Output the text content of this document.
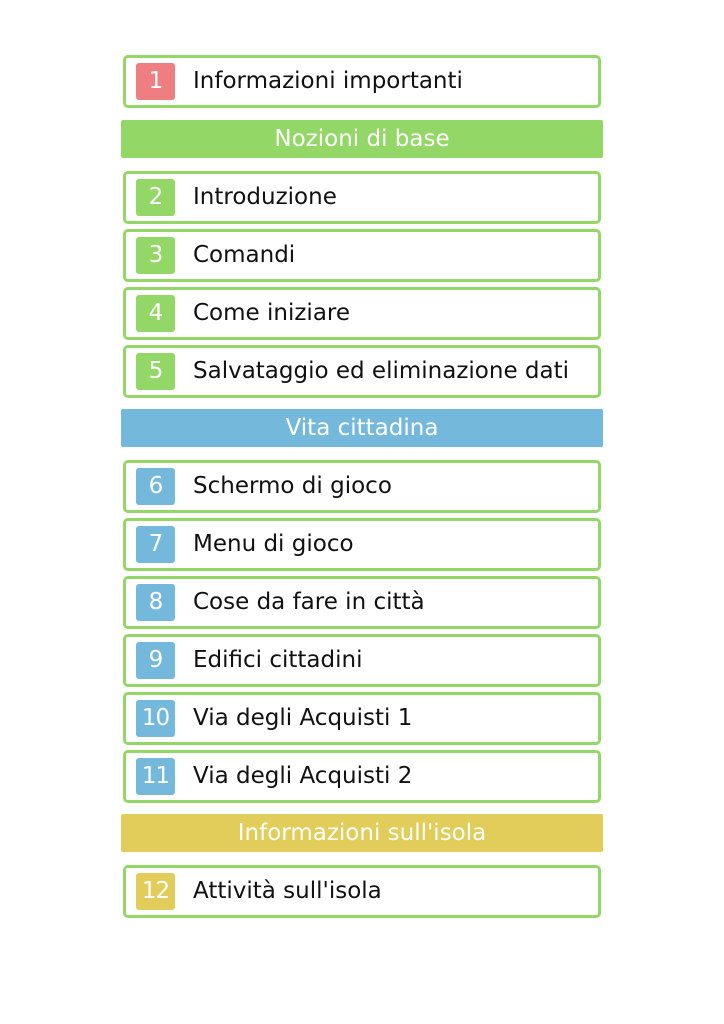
1	Informazioni importanti
Nozioni di base
2	Introduzione
3	Comandi
4	Come iniziare
5	Salvataggio ed eliminazione dati
Vita cittadina
6	Schermo di gioco
7	Menu di gioco
8	Cose da fare in città
9	Edifici cittadini
10 Via degli Acquisti 1
11 Via degli Acquisti 2
Informazioni sull'isola
12 Attività sull'isola
